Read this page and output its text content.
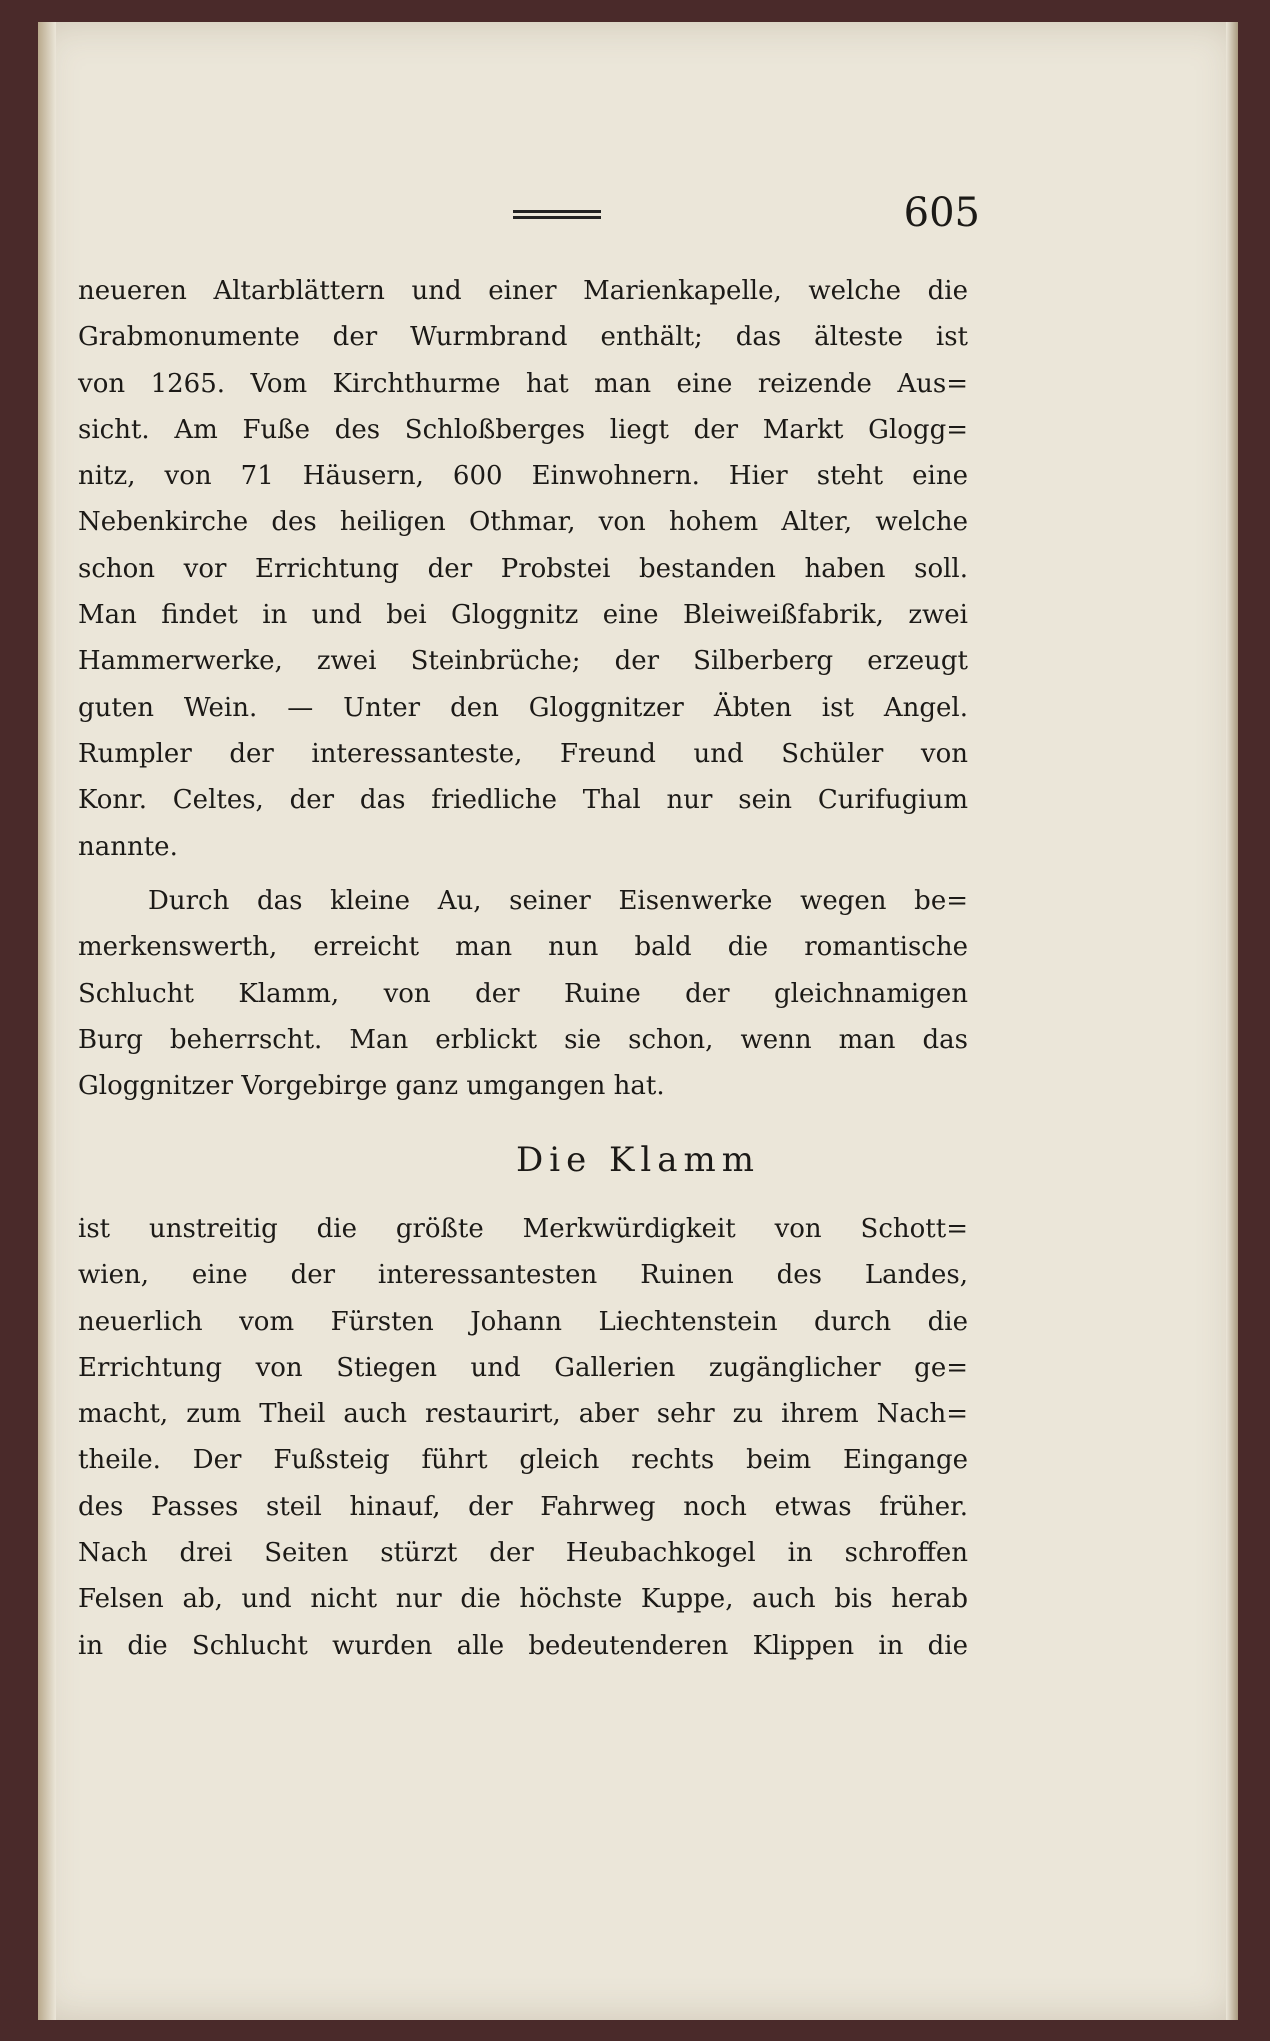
605
neueren Altarblättern und einer Marienkapelle, welche die
Grabmonumente der Wurmbrand enthält; das älteste ist
von 1265. Vom Kirchthurme hat man eine reizende Aus=
sicht. Am Fuße des Schloßberges liegt der Markt Glogg=
nitz, von 71 Häusern, 600 Einwohnern. Hier steht eine
Nebenkirche des heiligen Othmar, von hohem Alter, welche
schon vor Errichtung der Probstei bestanden haben soll.
Man findet in und bei Gloggnitz eine Bleiweißfabrik, zwei
Hammerwerke, zwei Steinbrüche; der Silberberg erzeugt
guten Wein. — Unter den Gloggnitzer Äbten ist Angel.
Rumpler der interessanteste, Freund und Schüler von
Konr. Celtes, der das friedliche Thal nur sein Curifugium
nannte.
Durch das kleine Au, seiner Eisenwerke wegen be=
merkenswerth, erreicht man nun bald die romantische
Schlucht Klamm, von der Ruine der gleichnamigen
Burg beherrscht. Man erblickt sie schon, wenn man das
Gloggnitzer Vorgebirge ganz umgangen hat.
Die Klamm
ist unstreitig die größte Merkwürdigkeit von Schott=
wien, eine der interessantesten Ruinen des Landes,
neuerlich vom Fürsten Johann Liechtenstein durch die
Errichtung von Stiegen und Gallerien zugänglicher ge=
macht, zum Theil auch restaurirt, aber sehr zu ihrem Nach=
theile. Der Fußsteig führt gleich rechts beim Eingange
des Passes steil hinauf, der Fahrweg noch etwas früher.
Nach drei Seiten stürzt der Heubachkogel in schroffen
Felsen ab, und nicht nur die höchste Kuppe, auch bis herab
in die Schlucht wurden alle bedeutenderen Klippen in die
